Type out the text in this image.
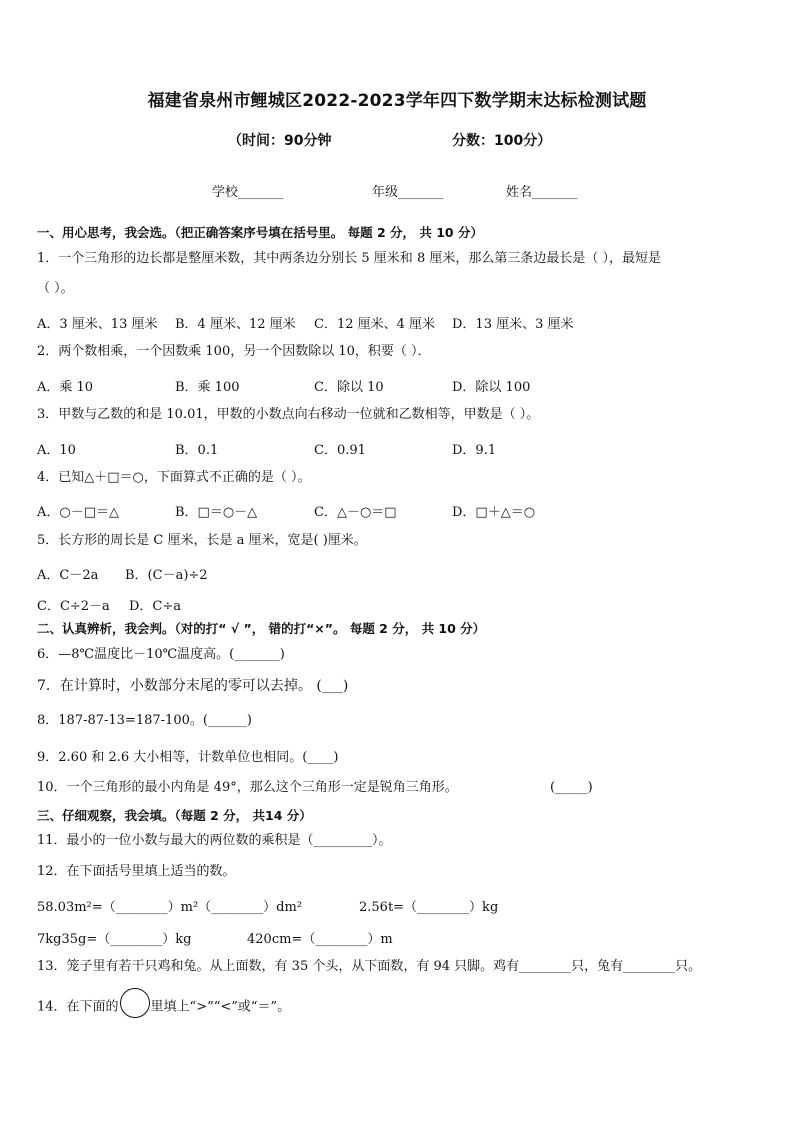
福建省泉州市鲤城区2022-2023学年四下数学期末达标检测试题
（时间：90分钟	分数：100分）
学校_______	年级_______	姓名_______
一、用心思考，我会选。（把正确答案序号填在括号里。 每题 2 分， 共 10 分）
1．一个三角形的边长都是整厘米数，其中两条边分别长 5 厘米和 8 厘米，那么第三条边最长是（ ），最短是
（ ）。
A．3 厘米、13 厘米 B．4 厘米、12 厘米 C．12 厘米、4 厘米 D．13 厘米、3 厘米
2．两个数相乘，一个因数乘 100，另一个因数除以 10，积要（ ）．
A．乘 10	B．乘 100	C．除以 10	D．除以 100
3．甲数与乙数的和是 10.01，甲数的小数点向右移动一位就和乙数相等，甲数是（ ）。
A．10	B．0.1	C．0.91	D．9.1
4．已知△＋□＝○，下面算式不正确的是（ ）。
A．○－□＝△	B．□＝○－△	C．△－○＝□	D．□＋△＝○
5．长方形的周长是 C 厘米，长是 a 厘米，宽是( )厘米。
A．C－2a B．(C－a)÷2
C．C÷2－a D．C÷a
二、认真辨析，我会判。（对的打“ √ ”， 错的打“×”。 每题 2 分， 共 10 分）
6．—8℃温度比－10℃温度高。(_______)
7．在计算时，小数部分末尾的零可以去掉。 (___)
8．187-87-13=187-100。(______)
9．2.60 和 2.6 大小相等，计数单位也相同。(____)
10．一个三角形的最小内角是 49°，那么这个三角形一定是锐角三角形。	(_____)
三、仔细观察，我会填。（每题 2 分， 共14 分）
11．最小的一位小数与最大的两位数的乘积是（_________）。
12．在下面括号里填上适当的数。
58.03m²=（________）m²（________）dm²	2.56t=（________）kg
7kg35g=（________）kg	420cm=（________）m
13．笼子里有若干只鸡和兔。从上面数，有 35 个头，从下面数，有 94 只脚。鸡有________只，兔有________只。
14．在下面的 里填上“>”“<”或“＝”。
